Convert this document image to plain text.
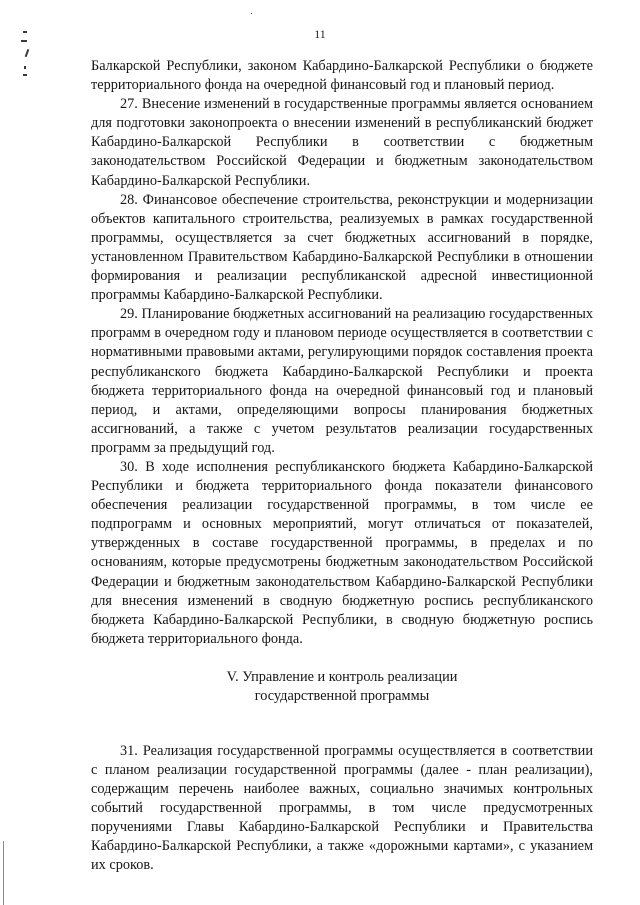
11

Балкарской Республики, законом Кабардино-Балкарской Республики о бюджете территориального фонда на очередной финансовый год и плановый период.

27. Внесение изменений в государственные программы является основанием для подготовки законопроекта о внесении изменений в республиканский бюджет Кабардино-Балкарской Республики в соответствии с бюджетным законодательством Российской Федерации и бюджетным законодательством Кабардино-Балкарской Республики.

28. Финансовое обеспечение строительства, реконструкции и модернизации объектов капитального строительства, реализуемых в рамках государственной программы, осуществляется за счет бюджетных ассигнований в порядке, установленном Правительством Кабардино-Балкарской Республики в отношении формирования и реализации республиканской адресной инвестиционной программы Кабардино-Балкарской Республики.

29. Планирование бюджетных ассигнований на реализацию государственных программ в очередном году и плановом периоде осуществляется в соответствии с нормативными правовыми актами, регулирующими порядок составления проекта республиканского бюджета Кабардино-Балкарской Республики и проекта бюджета территориального фонда на очередной финансовый год и плановый период, и актами, определяющими вопросы планирования бюджетных ассигнований, а также с учетом результатов реализации государственных программ за предыдущий год.

30. В ходе исполнения республиканского бюджета Кабардино-Балкарской Республики и бюджета территориального фонда показатели финансового обеспечения реализации государственной программы, в том числе ее подпрограмм и основных мероприятий, могут отличаться от показателей, утвержденных в составе государственной программы, в пределах и по основаниям, которые предусмотрены бюджетным законодательством Российской Федерации и бюджетным законодательством Кабардино-Балкарской Республики для внесения изменений в сводную бюджетную роспись республиканского бюджета Кабардино-Балкарской Республики, в сводную бюджетную роспись бюджета территориального фонда.

V. Управление и контроль реализации

государственной программы

31. Реализация государственной программы осуществляется в соответствии с планом реализации государственной программы (далее - план реализации), содержащим перечень наиболее важных, социально значимых контрольных событий государственной программы, в том числе предусмотренных поручениями Главы Кабардино-Балкарской Республики и Правительства Кабардино-Балкарской Республики, а также «дорожными картами», с указанием их сроков.
